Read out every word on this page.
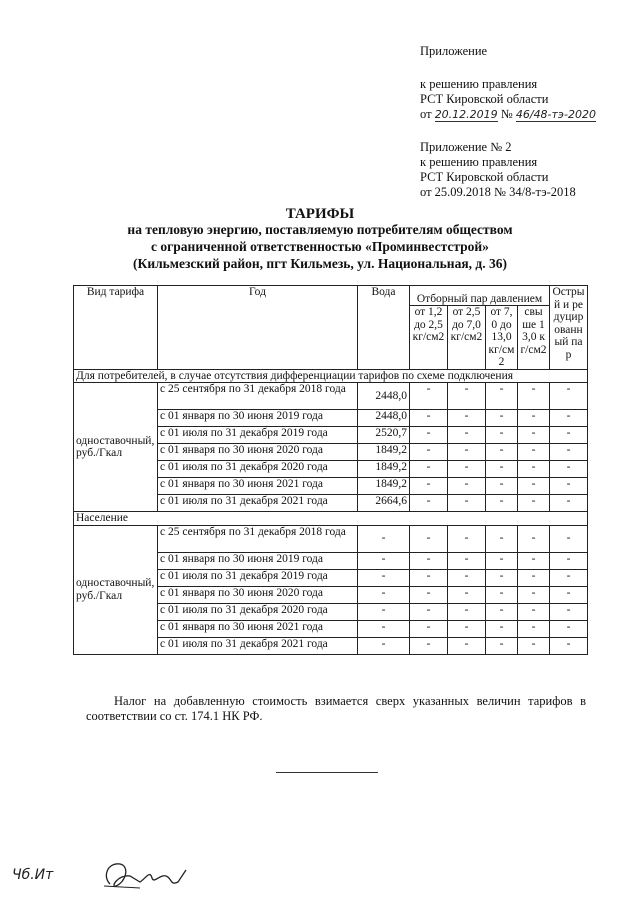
Приложение
к решению правления
РСТ Кировской области
от 20.12.2019 № 46/48-тэ-2020
Приложение № 2
к решению правления
РСТ Кировской области
от 25.09.2018 № 34/8-тэ-2018
ТАРИФЫ
на тепловую энергию, поставляемую потребителям обществом
с ограниченной ответственностью «Проминвестстрой»
(Кильмезский район, пгт Кильмезь, ул. Национальная, д. 36)
Вид тарифа	Год	Вода	Отборный пар давлением				Острый и редуцированный пар
			от 1,2 до 2,5 кг/см2	от 2,5 до 7,0 кг/см2	от 7,0 до 13,0 кг/см2	свыше 13,0 кг/см2	
Для потребителей, в случае отсутствия дифференциации тарифов по схеме подключения							
одноставочный, руб./Гкал	с 25 сентября по 31 декабря 2018 года	2448,0	-	-	-	-	-
	с 01 января по 30 июня 2019 года	2448,0	-	-	-	-	-
	с 01 июля по 31 декабря 2019 года	2520,7	-	-	-	-	-
	с 01 января по 30 июня 2020 года	1849,2	-	-	-	-	-
	с 01 июля по 31 декабря 2020 года	1849,2	-	-	-	-	-
	с 01 января по 30 июня 2021 года	1849,2	-	-	-	-	-
	с 01 июля по 31 декабря 2021 года	2664,6	-	-	-	-	-
Население							
одноставочный, руб./Гкал	с 25 сентября по 31 декабря 2018 года	-	-	-	-	-	-
	с 01 января по 30 июня 2019 года	-	-	-	-	-	-
	с 01 июля по 31 декабря 2019 года	-	-	-	-	-	-
	с 01 января по 30 июня 2020 года	-	-	-	-	-	-
	с 01 июля по 31 декабря 2020 года	-	-	-	-	-	-
	с 01 января по 30 июня 2021 года	-	-	-	-	-	-
	с 01 июля по 31 декабря 2021 года	-	-	-	-	-	-
Налог на добавленную стоимость взимается сверх указанных величин тарифов в соответствии со ст. 174.1 НК РФ.
Чб.Ит
Авг
